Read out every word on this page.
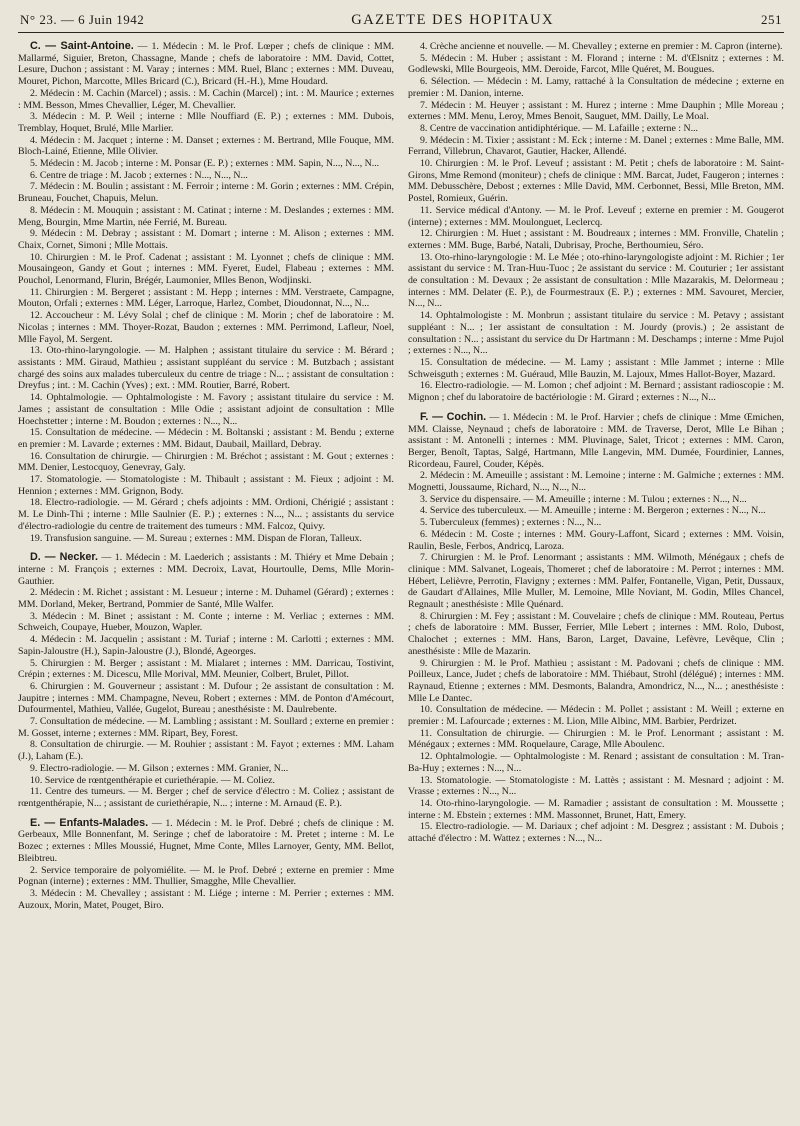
N° 23. — 6 Juin 1942	GAZETTE DES HOPITAUX	251

C. — Saint-Antoine. — 1. Médecin : M. le Prof. Lœper ; chefs de clinique : MM. Mallarmé, Siguier, Breton, Chassagne, Mande ; chefs de laboratoire : MM. David, Cottet, Lesure, Duchon ; assistant : M. Varay ; internes : MM. Ruel, Blanc ; externes : MM. Duveau, Mouret, Pichon, Marcotte, Mlles Bricard (C.), Bricard (H.-H.), Mme Houdard.

2. Médecin : M. Cachin (Marcel) ; assis. : M. Cachin (Marcel) ; int. : M. Maurice ; externes : MM. Besson, Mmes Chevallier, Léger, M. Chevallier.

3. Médecin : M. P. Weil ; interne : Mlle Nouffiard (E. P.) ; externes : MM. Dubois, Tremblay, Hoquet, Brulé, Mlle Marlier.

4. Médecin : M. Jacquet ; interne : M. Danset ; externes : M. Bertrand, Mlle Fouque, MM. Bloch-Lainé, Etienne, Mlle Olivier.

5. Médecin : M. Jacob ; interne : M. Ponsar (E. P.) ; externes : MM. Sapin, N..., N..., N...

6. Centre de triage : M. Jacob ; externes : N..., N..., N...

7. Médecin : M. Boulin ; assistant : M. Ferroir ; interne : M. Gorin ; externes : MM. Crépin, Bruneau, Fouchet, Chapuis, Melun.

8. Médecin : M. Mouquin ; assistant : M. Catinat ; interne : M. Deslandes ; externes : MM. Meng, Bourgin, Mme Martin, née Ferrié, M. Bureau.

9. Médecin : M. Debray ; assistant : M. Domart ; interne : M. Alison ; externes : MM. Chaix, Cornet, Simoni ; Mlle Mottais.

10. Chirurgien : M. le Prof. Cadenat ; assistant : M. Lyonnet ; chefs de clinique : MM. Mousaingeon, Gandy et Gout ; internes : MM. Fyeret, Eudel, Flabeau ; externes : MM. Pouchol, Lenormand, Flurin, Brégér, Laumonier, Mlles Benon, Wodjinski.

11. Chirurgien : M. Bergeret ; assistant : M. Hepp ; internes : MM. Verstraete, Campagne, Mouton, Orfali ; externes : MM. Léger, Larroque, Harlez, Combet, Dioudonnat, N..., N...

12. Accoucheur : M. Lévy Solal ; chef de clinique : M. Morin ; chef de laboratoire : M. Nicolas ; internes : MM. Thoyer-Rozat, Baudon ; externes : MM. Perrimond, Lafleur, Noel, Mlle Fayol, M. Sergent.

13. Oto-rhino-laryngologie. — M. Halphen ; assistant titulaire du service : M. Bérard ; assistants : MM. Giraud, Mathieu ; assistant suppléant du service : M. Butzbach ; assistant chargé des soins aux malades tuberculeux du centre de triage : N... ; assistant de consultation : Dreyfus ; int. : M. Cachin (Yves) ; ext. : MM. Routier, Barré, Robert.

14. Ophtalmologie. — Ophtalmologiste : M. Favory ; assistant titulaire du service : M. James ; assistant de consultation : Mlle Odie ; assistant adjoint de consultation : Mlle Hoechstetter ; interne : M. Boudon ; externes : N..., N...

15. Consultation de médecine. — Médecin : M. Boltanski ; assistant : M. Bendu ; externe en premier : M. Lavarde ; externes : MM. Bidaut, Daubail, Maillard, Debray.

16. Consultation de chirurgie. — Chirurgien : M. Bréchot ; assistant : M. Gout ; externes : MM. Denier, Lestocquoy, Genevray, Galy.

17. Stomatologie. — Stomatologiste : M. Thibault ; assistant : M. Fieux ; adjoint : M. Hennion ; externes : MM. Grignon, Body.

18. Electro-radiologie. — M. Gérard ; chefs adjoints : MM. Ordioni, Chérigié ; assistant : M. Le Dinh-Thi ; interne : Mlle Saulnier (E. P.) ; externes : N..., N... ; assistants du service d'électro-radiologie du centre de traitement des tumeurs : MM. Falcoz, Quivy.

19. Transfusion sanguine. — M. Sureau ; externes : MM. Dispan de Floran, Talleux.

D. — Necker. — 1. Médecin : M. Laederich ; assistants : M. Thiéry et Mme Debain ; interne : M. François ; externes : MM. Decroix, Lavat, Hourtoulle, Dems, Mlle Morin-Gauthier.

2. Médecin : M. Richet ; assistant : M. Lesueur ; interne : M. Duhamel (Gérard) ; externes : MM. Dorland, Meker, Bertrand, Pommier de Santé, Mlle Walfer.

3. Médecin : M. Binet ; assistant : M. Conte ; interne : M. Verliac ; externes : MM. Schweich, Coupaye, Hueber, Mouzon, Wapler.

4. Médecin : M. Jacquelin ; assistant : M. Turiaf ; interne : M. Carlotti ; externes : MM. Sapin-Jaloustre (H.), Sapin-Jaloustre (J.), Blondé, Ageorges.

5. Chirurgien : M. Berger ; assistant : M. Mialaret ; internes : MM. Darricau, Tostivint, Crépin ; externes : M. Dicescu, Mlle Morival, MM. Meunier, Colbert, Brulet, Pillot.

6. Chirurgien : M. Gouverneur ; assistant : M. Dufour ; 2e assistant de consultation : M. Jaupitre ; internes : MM. Champagne, Neveu, Robert ; externes : MM. de Ponton d'Amécourt, Dufourmentel, Mathieu, Vallée, Gugelot, Bureau ; anesthésiste : M. Daulrebente.

7. Consultation de médecine. — M. Lambling ; assistant : M. Soullard ; externe en premier : M. Gosset, interne ; externes : MM. Ripart, Bey, Forest.

8. Consultation de chirurgie. — M. Rouhier ; assistant : M. Fayot ; externes : MM. Laham (J.), Laham (E.).

9. Electro-radiologie. — M. Gilson ; externes : MM. Granier, N...

10. Service de rœntgenthérapie et curiethérapie. — M. Coliez.

11. Centre des tumeurs. — M. Berger ; chef de service d'électro : M. Coliez ; assistant de rœntgenthérapie, N... ; assistant de curiethérapie, N... ; interne : M. Arnaud (E. P.).

E. — Enfants-Malades. — 1. Médecin : M. le Prof. Debré ; chefs de clinique : M. Gerbeaux, Mlle Bonnenfant, M. Seringe ; chef de laboratoire : M. Pretet ; interne : M. Le Bozec ; externes : Mlles Moussié, Hugnet, Mme Conte, Mlles Larnoyer, Genty, MM. Bellot, Bleibtreu.

2. Service temporaire de polyomiélite. — M. le Prof. Debré ; externe en premier : Mme Pognan (interne) ; externes : MM. Thullier, Smagghe, Mlle Chevallier.

3. Médecin : M. Chevalley ; assistant : M. Liége ; interne : M. Perrier ; externes : MM. Auzoux, Morin, Matet, Pouget, Biro.

4. Crèche ancienne et nouvelle. — M. Chevalley ; externe en premier : M. Capron (interne).

5. Médecin : M. Huber ; assistant : M. Florand ; interne : M. d'Œlsnitz ; externes : M. Godlewski, Mlle Bourgeois, MM. Deroide, Farcot, Mlle Quéret, M. Bougues.

6. Sélection. — Médecin : M. Lamy, rattaché à la Consultation de médecine ; externe en premier : M. Danion, interne.

7. Médecin : M. Heuyer ; assistant : M. Hurez ; interne : Mme Dauphin ; Mlle Moreau ; externes : MM. Menu, Leroy, Mmes Benoit, Sauguet, MM. Dailly, Le Moal.

8. Centre de vaccination antidiphtérique. — M. Lafaille ; externe : N...

9. Médecin : M. Tixier ; assistant : M. Eck ; interne : M. Danel ; externes : Mme Balle, MM. Ferrand, Villebrun, Chavarot, Gautier, Hacker, Allendé.

10. Chirurgien : M. le Prof. Leveuf ; assistant : M. Petit ; chefs de laboratoire : M. Saint-Girons, Mme Remond (moniteur) ; chefs de clinique : MM. Barcat, Judet, Faugeron ; internes : MM. Debusschère, Debost ; externes : Mlle David, MM. Cerbonnet, Bessi, Mlle Breton, MM. Postel, Romieux, Guérin.

11. Service médical d'Antony. — M. le Prof. Leveuf ; externe en premier : M. Gougerot (interne) ; externes : MM. Moulonguet, Leclercq.

12. Chirurgien : M. Huet ; assistant : M. Boudreaux ; internes : MM. Fronville, Chatelin ; externes : MM. Buge, Barbé, Natali, Dubrisay, Proche, Berthoumieu, Séro.

13. Oto-rhino-laryngologie : M. Le Mée ; oto-rhino-laryngologiste adjoint : M. Richier ; 1er assistant du service : M. Tran-Huu-Tuoc ; 2e assistant du service : M. Couturier ; 1er assistant de consultation : M. Devaux ; 2e assistant de consultation : Mlle Mazarakis, M. Delormeau ; internes : MM. Delater (E. P.), de Fourmestraux (E. P.) ; externes : MM. Savouret, Mercier, N..., N...

14. Ophtalmologiste : M. Monbrun ; assistant titulaire du service : M. Petavy ; assistant suppléant : N... ; 1er assistant de consultation : M. Jourdy (provis.) ; 2e assistant de consultation : N... ; assistant du service du Dr Hartmann : M. Deschamps ; interne : Mme Pujol ; externes : N..., N...

15. Consultation de médecine. — M. Lamy ; assistant : Mlle Jammet ; interne : Mlle Schweisguth ; externes : M. Guéraud, Mlle Bauzin, M. Lajoux, Mmes Hallot-Boyer, Mazard.

16. Electro-radiologie. — M. Lomon ; chef adjoint : M. Bernard ; assistant radioscopie : M. Mignon ; chef du laboratoire de bactériologie : M. Girard ; externes : N..., N...

F. — Cochin. — 1. Médecin : M. le Prof. Harvier ; chefs de clinique : Mme Œmichen, MM. Claisse, Neynaud ; chefs de laboratoire : MM. de Traverse, Derot, Mlle Le Bihan ; assistant : M. Antonelli ; internes : MM. Pluvinage, Salet, Tricot ; externes : MM. Caron, Berger, Benoît, Taptas, Salgé, Hartmann, Mlle Langevin, MM. Dumée, Fourdinier, Lannes, Ricordeau, Faurel, Couder, Képès.

2. Médecin : M. Ameuille ; assistant : M. Lemoine ; interne : M. Galmiche ; externes : MM. Mognetti, Joussaume, Richard, N..., N..., N...

3. Service du dispensaire. — M. Ameuille ; interne : M. Tulou ; externes : N..., N...

4. Service des tuberculeux. — M. Ameuille ; interne : M. Bergeron ; externes : N..., N...

5. Tuberculeux (femmes) ; externes : N..., N...

6. Médecin : M. Coste ; internes : MM. Goury-Laffont, Sicard ; externes : MM. Voisin, Raulin, Besle, Ferbos, Andricq, Laroza.

7. Chirurgien : M. le Prof. Lenormant ; assistants : MM. Wilmoth, Ménégaux ; chefs de clinique : MM. Salvanet, Logeais, Thomeret ; chef de laboratoire : M. Perrot ; internes : MM. Hébert, Lelièvre, Perrotin, Flavigny ; externes : MM. Palfer, Fontanelle, Vigan, Petit, Dussaux, de Gaudart d'Allaines, Mlle Muller, M. Lemoine, Mlle Noviant, M. Godin, Mlles Chancel, Regnault ; anesthésiste : Mlle Quénard.

8. Chirurgien : M. Fey ; assistant : M. Couvelaire ; chefs de clinique : MM. Routeau, Pertus ; chefs de laboratoire : MM. Busser, Ferrier, Mlle Lebert ; internes : MM. Rolo, Dubost, Chalochet ; externes : MM. Hans, Baron, Larget, Davaine, Lefèvre, Levêque, Clin ; anesthésiste : Mlle de Mazarin.

9. Chirurgien : M. le Prof. Mathieu ; assistant : M. Padovani ; chefs de clinique : MM. Poilleux, Lance, Judet ; chefs de laboratoire : MM. Thiébaut, Strohl (délégué) ; internes : MM. Raynaud, Etienne ; externes : MM. Desmonts, Balandra, Amondricz, N..., N... ; anesthésiste : Mlle Le Dantec.

10. Consultation de médecine. — Médecin : M. Pollet ; assistant : M. Weill ; externe en premier : M. Lafourcade ; externes : M. Lion, Mlle Albinc, MM. Barbier, Perdrizet.

11. Consultation de chirurgie. — Chirurgien : M. le Prof. Lenormant ; assistant : M. Ménégaux ; externes : MM. Roquelaure, Carage, Mlle Aboulenc.

12. Ophtalmologie. — Ophtalmologiste : M. Renard ; assistant de consultation : M. Tran-Ba-Huy ; externes : N..., N...

13. Stomatologie. — Stomatologiste : M. Lattès ; assistant : M. Mesnard ; adjoint : M. Vrasse ; externes : N..., N...

14. Oto-rhino-laryngologie. — M. Ramadier ; assistant de consultation : M. Moussette ; interne : M. Ebstein ; externes : MM. Massonnet, Brunet, Hatt, Emery.

15. Electro-radiologie. — M. Dariaux ; chef adjoint : M. Desgrez ; assistant : M. Dubois ; attaché d'électro : M. Wattez ; externes : N..., N...
